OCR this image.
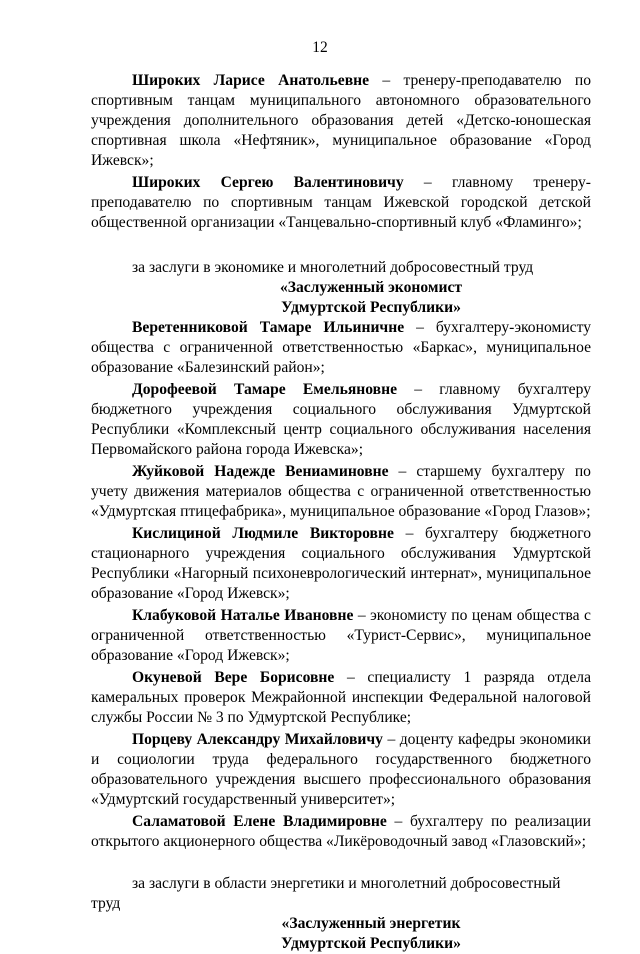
12

Широких Ларисе Анатольевне – тренеру-преподавателю по спортивным танцам муниципального автономного образовательного учреждения дополнительного образования детей «Детско-юношеская спортивная школа «Нефтяник», муниципальное образование «Город Ижевск»;

Широких Сергею Валентиновичу – главному тренеру-преподавателю по спортивным танцам Ижевской городской детской общественной организации «Танцевально-спортивный клуб «Фламинго»;

за заслуги в экономике и многолетний добросовестный труд

«Заслуженный экономист

Удмуртской Республики»

Веретенниковой Тамаре Ильиничне – бухгалтеру-экономисту общества с ограниченной ответственностью «Баркас», муниципальное образование «Балезинский район»;

Дорофеевой Тамаре Емельяновне – главному бухгалтеру бюджетного учреждения социального обслуживания Удмуртской Республики «Комплексный центр социального обслуживания населения Первомайского района города Ижевска»;

Жуйковой Надежде Вениаминовне – старшему бухгалтеру по учету движения материалов общества с ограниченной ответственностью «Удмуртская птицефабрика», муниципальное образование «Город Глазов»;

Кислициной Людмиле Викторовне – бухгалтеру бюджетного стационарного учреждения социального обслуживания Удмуртской Республики «Нагорный психоневрологический интернат», муниципальное образование «Город Ижевск»;

Клабуковой Наталье Ивановне – экономисту по ценам общества с ограниченной ответственностью «Турист-Сервис», муниципальное образование «Город Ижевск»;

Окуневой Вере Борисовне – специалисту 1 разряда отдела камеральных проверок Межрайонной инспекции Федеральной налоговой службы России № 3 по Удмуртской Республике;

Порцеву Александру Михайловичу – доценту кафедры экономики и социологии труда федерального государственного бюджетного образовательного учреждения высшего профессионального образования «Удмуртский государственный университет»;

Саламатовой Елене Владимировне – бухгалтеру по реализации открытого акционерного общества «Ликёроводочный завод «Глазовский»;

за заслуги в области энергетики и многолетний добросовестный труд

«Заслуженный энергетик

Удмуртской Республики»
